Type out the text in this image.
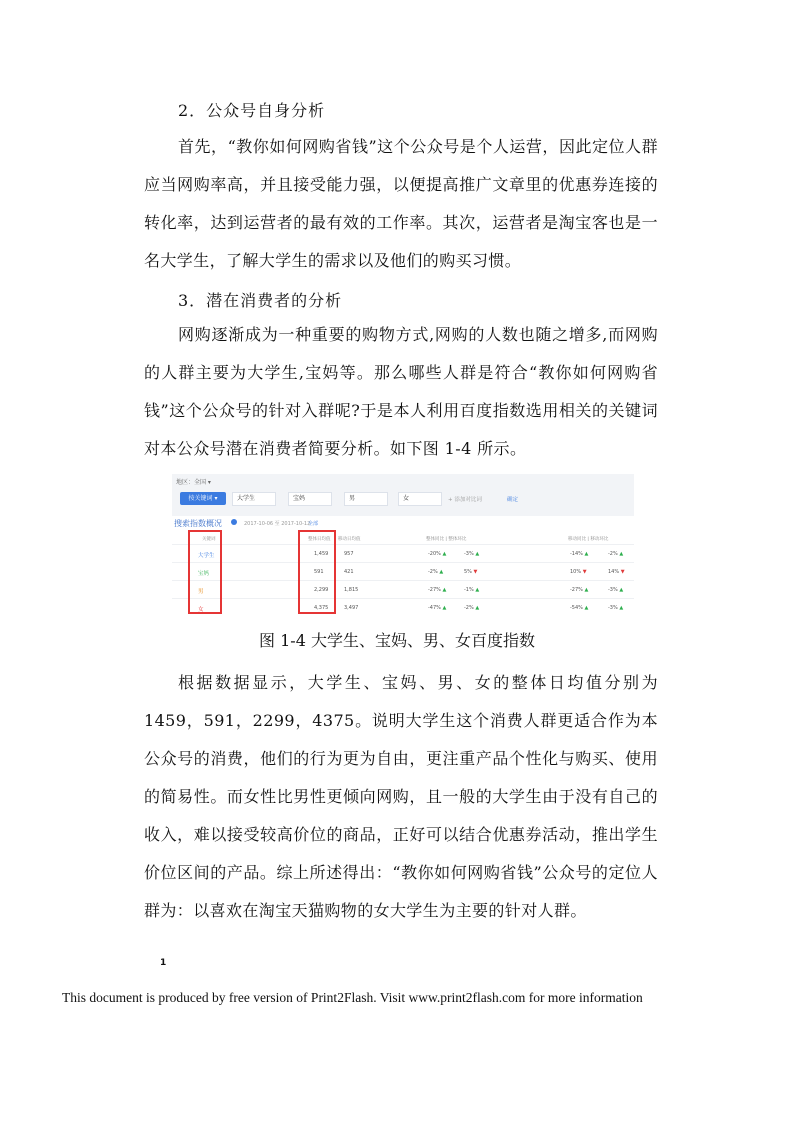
2．公众号自身分析
首先，“教你如何网购省钱”这个公众号是个人运营，因此定位人群应当网购率高，并且接受能力强，以便提高推广文章里的优惠券连接的转化率，达到运营者的最有效的工作率。其次，运营者是淘宝客也是一名大学生，了解大学生的需求以及他们的购买习惯。
3．潜在消费者的分析
网购逐渐成为一种重要的购物方式,网购的人数也随之增多,而网购的人群主要为大学生,宝妈等。那么哪些人群是符合“教你如何网购省钱”这个公众号的针对入群呢?于是本人利用百度指数选用相关的关键词对本公众号潜在消费者简要分析。如下图 1-4 所示。
地区：全国 ▾
按关键词 ▾	大学生	宝妈	男	女	+ 添加对比词	确定
搜索指数概况	2017-10-06 至 2017-10-12
全部
关键词	整体日均值 移动日均值	整体同比 | 整体环比	移动同比 | 移动环比
大学生	1,459	957	-20% ▲	-3% ▲	-14% ▲	-2% ▲
宝妈	591	421	-2% ▲	5% ▼	10% ▼	14% ▼
男	2,299	1,815	-27% ▲	-1% ▲	-27% ▲	-3% ▲
女	4,375	3,497	-47% ▲	-2% ▲	-54% ▲	-3% ▲
图 1-4 大学生、宝妈、男、女百度指数
根据数据显示，大学生、宝妈、男、女的整体日均值分别为 1459，591，2299，4375。说明大学生这个消费人群更适合作为本公众号的消费，他们的行为更为自由，更注重产品个性化与购买、使用的简易性。而女性比男性更倾向网购，且一般的大学生由于没有自己的收入，难以接受较高价位的商品，正好可以结合优惠券活动，推出学生价位区间的产品。综上所述得出：“教你如何网购省钱”公众号的定位人群为：以喜欢在淘宝天猫购物的女大学生为主要的针对人群。
1
This document is produced by free version of Print2Flash. Visit www.print2flash.com for more information
